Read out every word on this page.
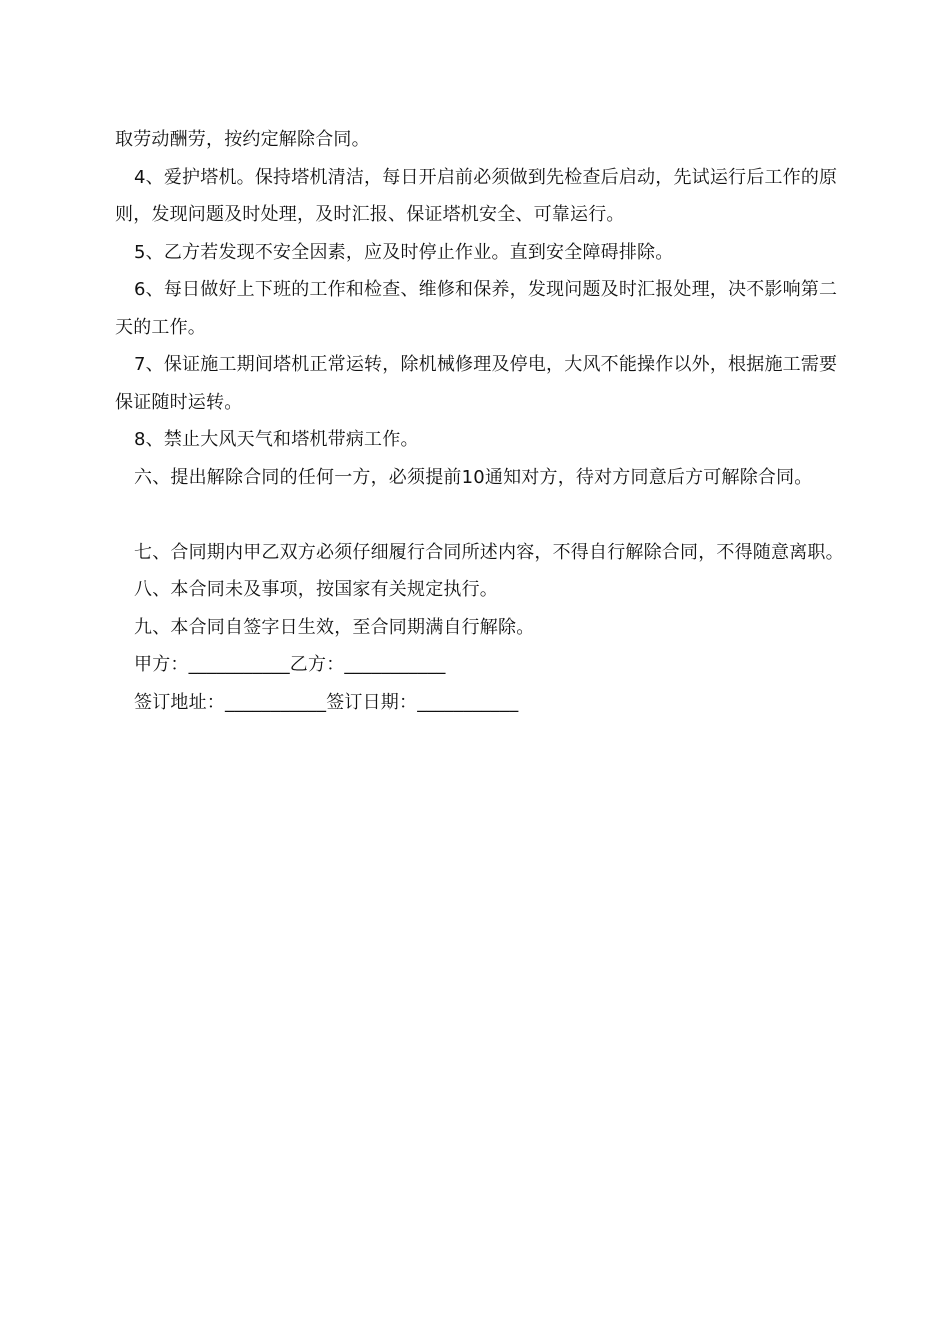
取劳动酬劳，按约定解除合同。

4、爱护塔机。保持塔机清洁，每日开启前必须做到先检查后启动，先试运行后工作的原则，发现问题及时处理，及时汇报、保证塔机安全、可靠运行。

5、乙方若发现不安全因素，应及时停止作业。直到安全障碍排除。

6、每日做好上下班的工作和检查、维修和保养，发现问题及时汇报处理，决不影响第二天的工作。

7、保证施工期间塔机正常运转，除机械修理及停电，大风不能操作以外，根据施工需要保证随时运转。

8、禁止大风天气和塔机带病工作。

六、提出解除合同的任何一方，必须提前10通知对方，待对方同意后方可解除合同。

七、合同期内甲乙双方必须仔细履行合同所述内容，不得自行解除合同，不得随意离职。

八、本合同未及事项，按国家有关规定执行。

九、本合同自签字日生效，至合同期满自行解除。

甲方：___________乙方：___________

签订地址：___________签订日期：___________
